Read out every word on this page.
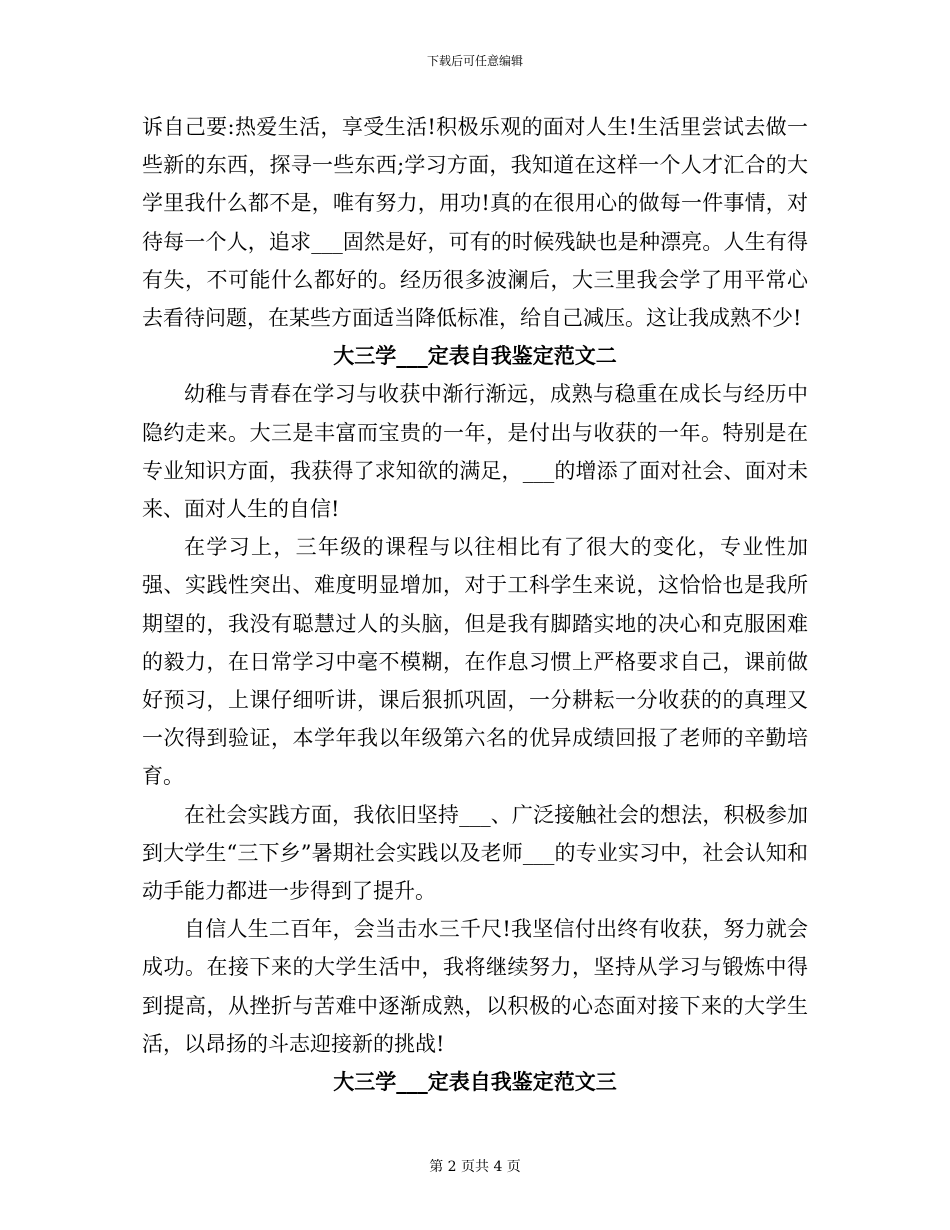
下载后可任意编辑

诉自己要:热爱生活，享受生活!积极乐观的面对人生!生活里尝试去做一些新的东西，探寻一些东西;学习方面，我知道在这样一个人才汇合的大学里我什么都不是，唯有努力，用功!真的在很用心的做每一件事情，对待每一个人，追求___固然是好，可有的时候残缺也是种漂亮。人生有得有失，不可能什么都好的。经历很多波澜后，大三里我会学了用平常心去看待问题，在某些方面适当降低标准，给自己减压。这让我成熟不少!

大三学___定表自我鉴定范文二

幼稚与青春在学习与收获中渐行渐远，成熟与稳重在成长与经历中隐约走来。大三是丰富而宝贵的一年，是付出与收获的一年。特别是在专业知识方面，我获得了求知欲的满足，___的增添了面对社会、面对未来、面对人生的自信!

在学习上，三年级的课程与以往相比有了很大的变化，专业性加强、实践性突出、难度明显增加，对于工科学生来说，这恰恰也是我所期望的，我没有聪慧过人的头脑，但是我有脚踏实地的决心和克服困难的毅力，在日常学习中毫不模糊，在作息习惯上严格要求自己，课前做好预习，上课仔细听讲，课后狠抓巩固，一分耕耘一分收获的的真理又一次得到验证，本学年我以年级第六名的优异成绩回报了老师的辛勤培育。

在社会实践方面，我依旧坚持___、广泛接触社会的想法，积极参加到大学生“三下乡”暑期社会实践以及老师___的专业实习中，社会认知和动手能力都进一步得到了提升。

自信人生二百年，会当击水三千尺!我坚信付出终有收获，努力就会成功。在接下来的大学生活中，我将继续努力，坚持从学习与锻炼中得到提高，从挫折与苦难中逐渐成熟，以积极的心态面对接下来的大学生活，以昂扬的斗志迎接新的挑战!

大三学___定表自我鉴定范文三

第 2 页共 4 页
